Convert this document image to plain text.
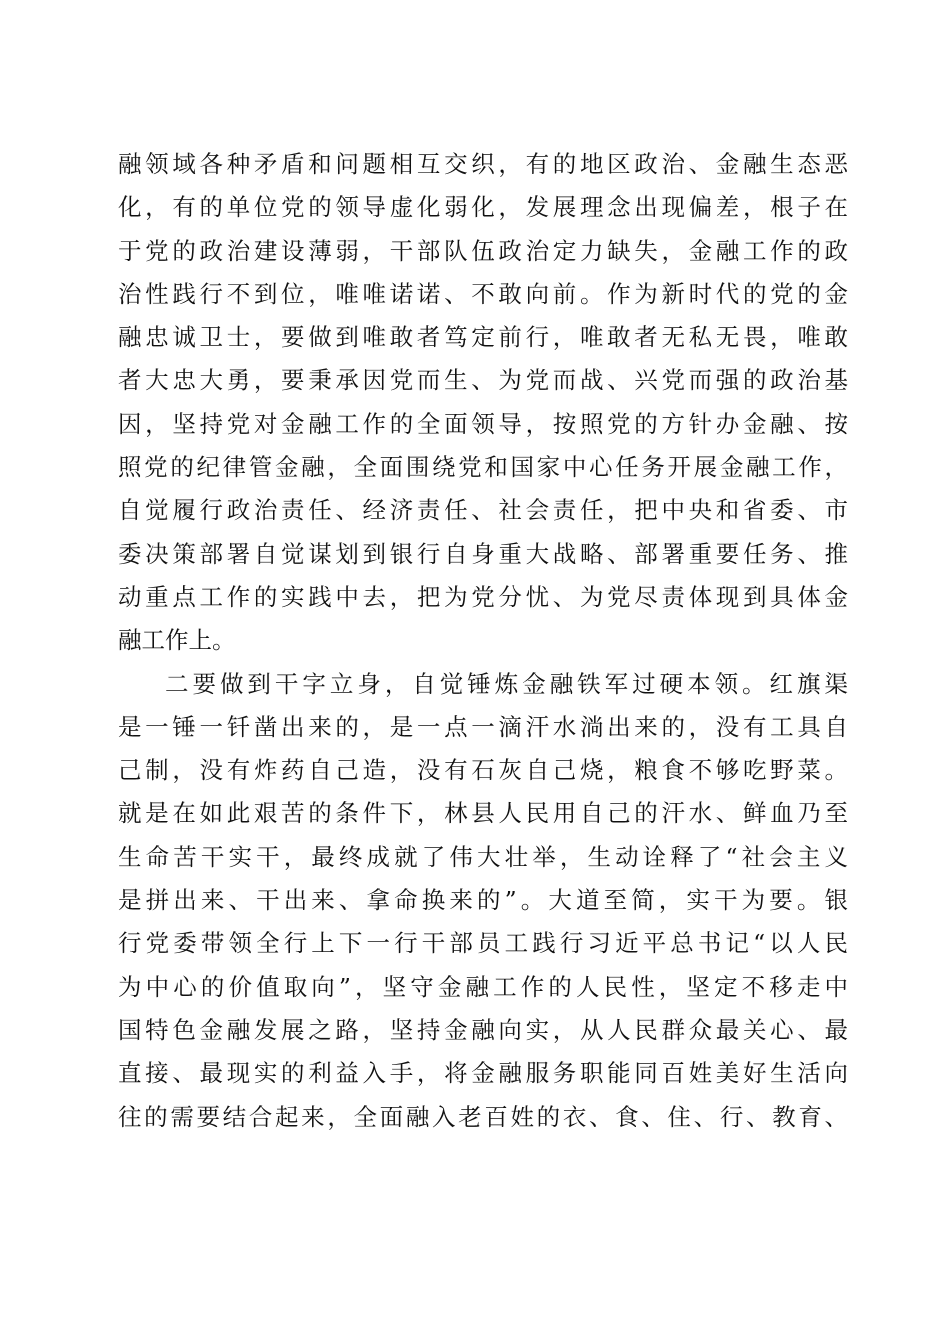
融领域各种矛盾和问题相互交织，有的地区政治、金融生态恶
化，有的单位党的领导虚化弱化，发展理念出现偏差，根子在
于党的政治建设薄弱，干部队伍政治定力缺失，金融工作的政
治性践行不到位，唯唯诺诺、不敢向前。作为新时代的党的金
融忠诚卫士，要做到唯敢者笃定前行，唯敢者无私无畏，唯敢
者大忠大勇，要秉承因党而生、为党而战、兴党而强的政治基
因，坚持党对金融工作的全面领导，按照党的方针办金融、按
照党的纪律管金融，全面围绕党和国家中心任务开展金融工作，
自觉履行政治责任、经济责任、社会责任，把中央和省委、市
委决策部署自觉谋划到银行自身重大战略、部署重要任务、推
动重点工作的实践中去，把为党分忧、为党尽责体现到具体金
融工作上。
二要做到干字立身，自觉锤炼金融铁军过硬本领。红旗渠
是一锤一钎凿出来的，是一点一滴汗水淌出来的，没有工具自
己制，没有炸药自己造，没有石灰自己烧，粮食不够吃野菜。
就是在如此艰苦的条件下，林县人民用自己的汗水、鲜血乃至
生命苦干实干，最终成就了伟大壮举，生动诠释了“社会主义
是拼出来、干出来、拿命换来的”。大道至简，实干为要。银
行党委带领全行上下一行干部员工践行习近平总书记“以人民
为中心的价值取向”，坚守金融工作的人民性，坚定不移走中
国特色金融发展之路，坚持金融向实，从人民群众最关心、最
直接、最现实的利益入手，将金融服务职能同百姓美好生活向
往的需要结合起来，全面融入老百姓的衣、食、住、行、教育、
